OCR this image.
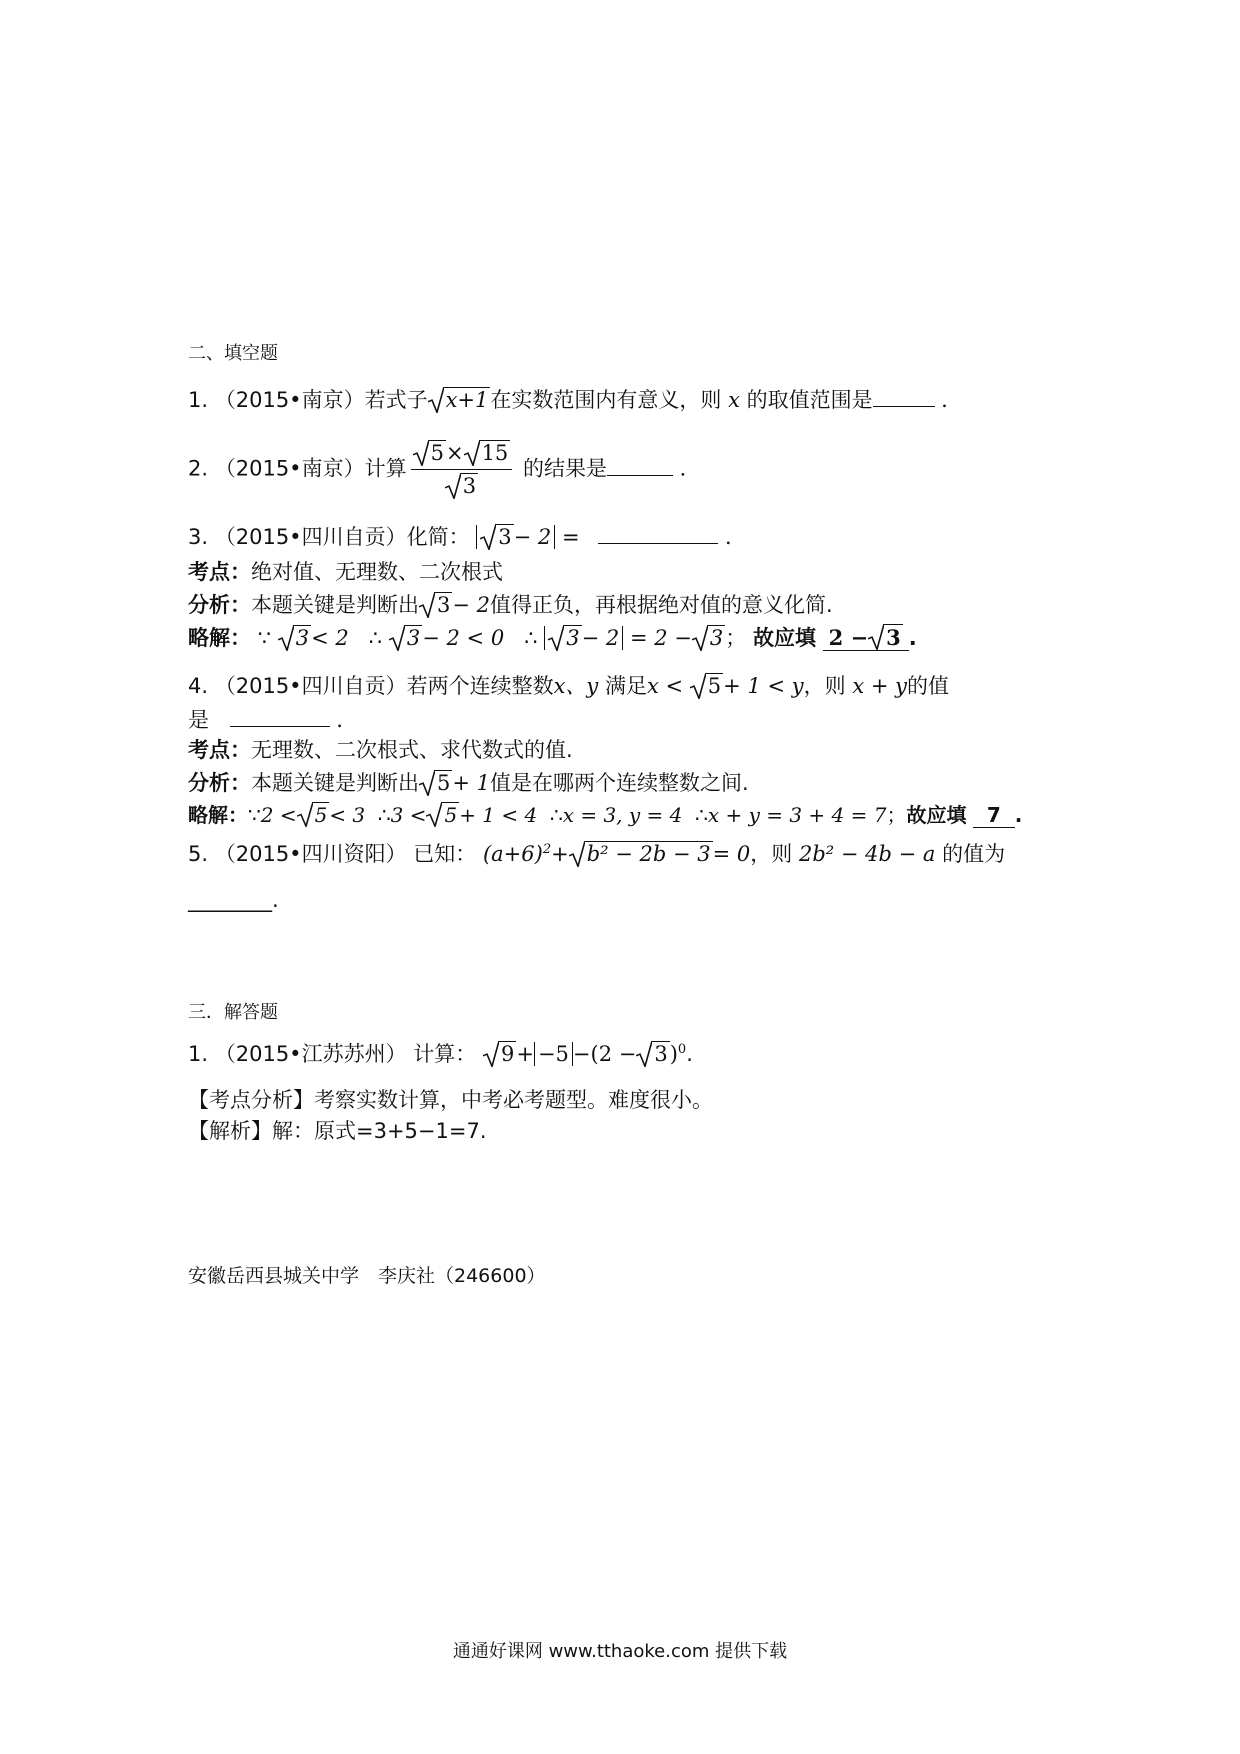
二、填空题
1. （2015•南京）若式子 x+1在实数范围内有意义，则 x 的取值范围是	．
2. （2015•南京）计算 $\frac{5\times 15}{3}$ 的结果是	．
3. （2015•四川自贡）化简： 3− 2 =	．
考点：绝对值、无理数、二次根式
分析：本题关键是判断出 3− 2值得正负，再根据绝对值的意义化简.
略解： ∵ 3< 2 ∴ 3− 2 < 0 ∴ 3− 2 = 2 − 3； 故应填 2 − 3 .
4. （2015•四川自贡）若两个连续整数x、y 满足x < 5+ 1 < y，则 x + y的值
是	．
考点：无理数、二次根式、求代数式的值.
分析：本题关键是判断出 5+ 1值是在哪两个连续整数之间.
略解：∵2 < 5 < 3 ∴3 < 5 + 1 < 4 ∴x = 3, y = 4 ∴x + y = 3 + 4 = 7；故应填 7 .
5. （2015•四川资阳） 已知： $(a+6)^2+ b^2 - 2b - 3= 0$，则 2b² − 4b − a 的值为
________.
三．解答题
1. （2015•江苏苏州） 计算： $9+ -5 -(2 - 3)^0$.
【考点分析】考察实数计算，中考必考题型。难度很小。
【解析】解：原式=3+5−1=7.
安徽岳西县城关中学　李庆社（246600）
通通好课网 www.tthaoke.com 提供下载
